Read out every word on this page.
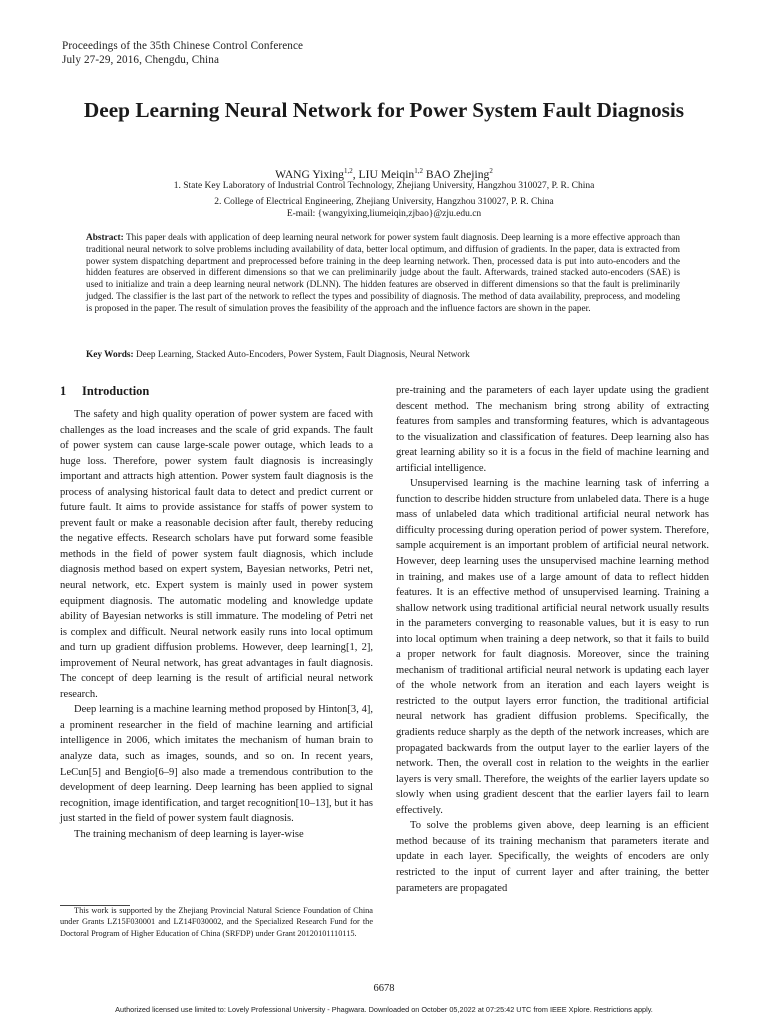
Proceedings of the 35th Chinese Control Conference
July 27-29, 2016, Chengdu, China
Deep Learning Neural Network for Power System Fault Diagnosis
WANG Yixing$^{1,2}$, LIU Meiqin$^{1,2}$ BAO Zhejing$^2$
1. State Key Laboratory of Industrial Control Technology, Zhejiang University, Hangzhou 310027, P. R. China
2. College of Electrical Engineering, Zhejiang University, Hangzhou 310027, P. R. China
E-mail: {wangyixing,liumeiqin,zjbao}@zju.edu.cn

Abstract: This paper deals with application of deep learning neural network for power system fault diagnosis. Deep learning is a more effective approach than traditional neural network to solve problems including availability of data, better local optimum, and diffusion of gradients. In the paper, data is extracted from power system dispatching department and preprocessed before training in the deep learning network. Then, processed data is put into auto-encoders and the hidden features are observed in different dimensions so that we can preliminarily judge about the fault. Afterwards, trained stacked auto-encoders (SAE) is used to initialize and train a deep learning neural network (DLNN). The hidden features are observed in different dimensions so that the fault is preliminarily judged. The classifier is the last part of the network to reflect the types and possibility of diagnosis. The method of data availability, preprocess, and modeling is proposed in the paper. The result of simulation proves the feasibility of the approach and the influence factors are shown in the paper.

Key Words: Deep Learning, Stacked Auto-Encoders, Power System, Fault Diagnosis, Neural Network

1 Introduction

The safety and high quality operation of power system are faced with challenges as the load increases and the scale of grid expands. The fault of power system can cause large-scale power outage, which leads to a huge loss. Therefore, power system fault diagnosis is increasingly important and attracts high attention. Power system fault diagnosis is the process of analysing historical fault data to detect and predict current or future fault. It aims to provide assistance for staffs of power system to prevent fault or make a reasonable decision after fault, thereby reducing the negative effects. Research scholars have put forward some feasible methods in the field of power system fault diagnosis, which include diagnosis method based on expert system, Bayesian networks, Petri net, neural network, etc. Expert system is mainly used in power system equipment diagnosis. The automatic modeling and knowledge update ability of Bayesian networks is still immature. The modeling of Petri net is complex and difficult. Neural network easily runs into local optimum and turn up gradient diffusion problems. However, deep learning[1, 2], improvement of Neural network, has great advantages in fault diagnosis. The concept of deep learning is the result of artificial neural network research.

Deep learning is a machine learning method proposed by Hinton[3, 4], a prominent researcher in the field of machine learning and artificial intelligence in 2006, which imitates the mechanism of human brain to analyze data, such as images, sounds, and so on. In recent years, LeCun[5] and Bengio[6–9] also made a tremendous contribution to the development of deep learning. Deep learning has been applied to signal recognition, image identification, and target recognition[10–13], but it has just started in the field of power system fault diagnosis.

The training mechanism of deep learning is layer-wise

pre-training and the parameters of each layer update using the gradient descent method. The mechanism bring strong ability of extracting features from samples and transforming features, which is advantageous to the visualization and classification of features. Deep learning also has great learning ability so it is a focus in the field of machine learning and artificial intelligence.

Unsupervised learning is the machine learning task of inferring a function to describe hidden structure from unlabeled data. There is a huge mass of unlabeled data which traditional artificial neural network has difficulty processing during operation period of power system. Therefore, sample acquirement is an important problem of artificial neural network. However, deep learning uses the unsupervised machine learning method in training, and makes use of a large amount of data to reflect hidden features. It is an effective method of unsupervised learning. Training a shallow network using traditional artificial neural network usually results in the parameters converging to reasonable values, but it is easy to run into local optimum when training a deep network, so that it fails to build a proper network for fault diagnosis. Moreover, since the training mechanism of traditional artificial neural network is updating each layer of the whole network from an iteration and each layers weight is restricted to the output layers error function, the traditional artificial neural network has gradient diffusion problems. Specifically, the gradients reduce sharply as the depth of the network increases, which are propagated backwards from the output layer to the earlier layers of the network. Then, the overall cost in relation to the weights in the earlier layers is very small. Therefore, the weights of the earlier layers update so slowly when using gradient descent that the earlier layers fail to learn effectively.

To solve the problems given above, deep learning is an efficient method because of its training mechanism that parameters iterate and update in each layer. Specifically, the weights of encoders are only restricted to the input of current layer and after training, the better parameters are propagated

This work is supported by the Zhejiang Provincial Natural Science Foundation of China under Grants LZ15F030001 and LZ14F030002, and the Specialized Research Fund for the Doctoral Program of Higher Education of China (SRFDP) under Grant 20120101110115.

6678
Authorized licensed use limited to: Lovely Professional University - Phagwara. Downloaded on October 05,2022 at 07:25:42 UTC from IEEE Xplore. Restrictions apply.
